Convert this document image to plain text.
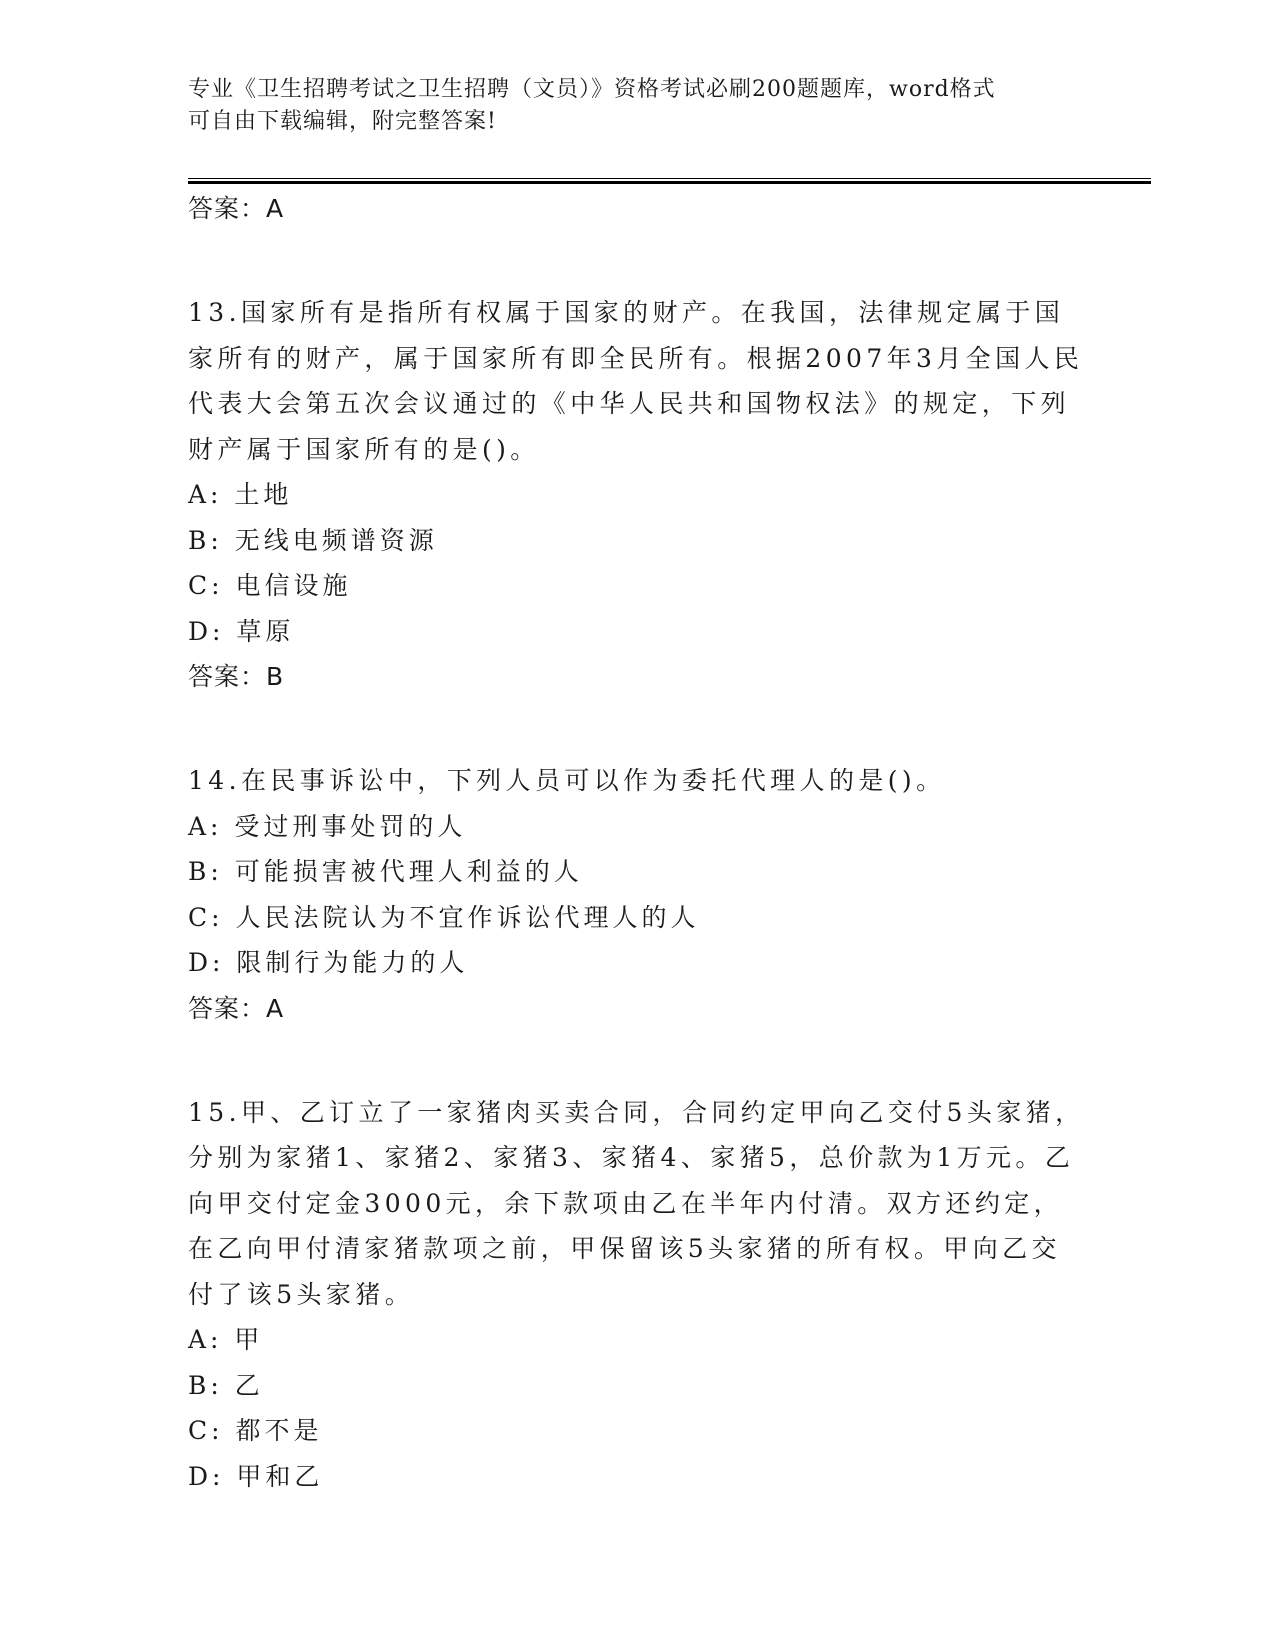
专业《卫生招聘考试之卫生招聘（文员）》资格考试必刷200题题库，word格式
可自由下载编辑，附完整答案!
答案：A
13.国家所有是指所有权属于国家的财产。在我国，法律规定属于国家所有的财产，属于国家所有即全民所有。根据2007年3月全国人民代表大会第五次会议通过的《中华人民共和国物权法》的规定，下列财产属于国家所有的是()。
A: 土地
B: 无线电频谱资源
C: 电信设施
D: 草原
答案：B
14.在民事诉讼中，下列人员可以作为委托代理人的是()。
A: 受过刑事处罚的人
B: 可能损害被代理人利益的人
C: 人民法院认为不宜作诉讼代理人的人
D: 限制行为能力的人
答案：A
15.甲、乙订立了一家猪肉买卖合同，合同约定甲向乙交付5头家猪，分别为家猪1、家猪2、家猪3、家猪4、家猪5，总价款为1万元。乙向甲交付定金3000元，余下款项由乙在半年内付清。双方还约定，在乙向甲付清家猪款项之前，甲保留该5头家猪的所有权。甲向乙交付了该5头家猪。
A: 甲
B: 乙
C: 都不是
D: 甲和乙
